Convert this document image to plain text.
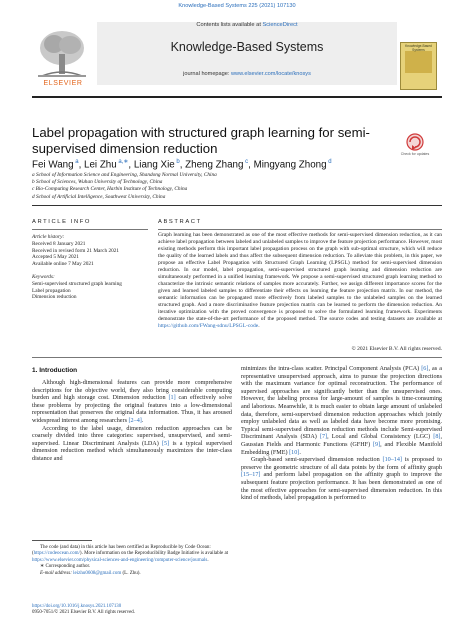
Knowledge-Based Systems 225 (2021) 107130
Contents lists available at ScienceDirect
Knowledge-Based Systems
journal homepage: www.elsevier.com/locate/knosys
ELSEVIER
Knowledge-Based Systems
Label propagation with structured graph learning for semi-supervised dimension reduction	Check for updates
Fei Wang $^a$, Lei Zhu $^{a,∗}$, Liang Xie $^b$, Zheng Zhang $^c$, Mingyang Zhong $^d$
a School of Information Science and Engineering, Shandong Normal University, China
b School of Sciences, Wuhan University of Technology, China
c Bio-Computing Research Center, Harbin Institute of Technology, China
d School of Artificial Intelligence, Southwest University, China
ARTICLE INFO
Article history:
Received 8 January 2021
Received in revised form 21 March 2021
Accepted 5 May 2021
Available online 7 May 2021
Keywords:
Semi-supervised structured graph learning
Label propagation
Dimension reduction
ABSTRACT
Graph learning has been demonstrated as one of the most effective methods for semi-supervised dimension reduction, as it can achieve label propagation between labeled and unlabeled samples to improve the feature projection performance. However, most existing methods perform this important label propagation process on the graph with sub-optimal structure, which will reduce the quality of the learned labels and thus affect the subsequent dimension reduction. To alleviate this problem, in this paper, we propose an effective Label Propagation with Structured Graph Learning (LPSGL) method for semi-supervised dimension reduction. In our model, label propagation, semi-supervised structured graph learning and dimension reduction are simultaneously performed in a unified learning framework. We propose a semi-supervised structured graph learning method to characterize the intrinsic semantic relations of samples more accurately. Further, we assign different importance scores for the given and learned labeled samples to differentiate their effects on learning the feature projection matrix. In our method, the semantic information can be propagated more effectively from labeled samples to the unlabeled samples on the learned structured graph. And a more discriminative feature projection matrix can be learned to perform the dimension reduction. An iterative optimization with the proved convergence is proposed to solve the formulated learning framework. Experiments demonstrate the state-of-the-art performance of the proposed method. The source codes and testing datasets are available at https://github.com/FWang-sdnu/LPSGL-code.
© 2021 Elsevier B.V. All rights reserved.
1. Introduction
Although high-dimensional features can provide more comprehensive descriptions for the objective world, they also bring considerable computing burden and high storage cost. Dimension reduction [1] can effectively solve these problems by projecting the original features into a low-dimensional representation that preserves the original data information. Thus, it has aroused widespread interest among researchers [2–4].
According to the label usage, dimension reduction approaches can be coarsely divided into three categories: supervised, unsupervised, and semi-supervised. Linear Discriminant Analysis (LDA) [5] is a typical supervised dimension reduction method which simultaneously maximizes the inter-class distance and
minimizes the intra-class scatter. Principal Component Analysis (PCA) [6], as a representative unsupervised approach, aims to pursue the projection directions with the maximum variance for optimal reconstruction. The performance of supervised approaches are significantly better than the unsupervised ones. However, the labeling process for large-amount of samples is time-consuming and laborious. Meanwhile, it is much easier to obtain large amount of unlabeled data, therefore, semi-supervised dimension reduction approaches which jointly employ unlabeled data as well as labeled data have become more promising. Typical semi-supervised dimension reduction methods include Semi-supervised Discriminant Analysis (SDA) [7], Local and Global Consistency (LGC) [8], Gaussian Fields and Harmonic Functions (GFHF) [9], and Flexible Manifold Embedding (FME) [10].
Graph-based semi-supervised dimension reduction [10–14] is proposed to preserve the geometric structure of all data points by the form of affinity graph [15–17] and perform label propagation on the affinity graph to improve the subsequent feature projection performance. It has been demonstrated as one of the most effective approaches for semi-supervised dimension reduction. In this kind of methods, label propagation is performed to
The code (and data) in this article has been certified as Reproducible by Code Ocean: (https://codeocean.com/). More information on the Reproducibility Badge Initiative is available at https://www.elsevier.com/physical-sciences-and-engineering/computer-science/journals.
∗ Corresponding author.
E-mail address: leizhu0608@gmail.com (L. Zhu).
https://doi.org/10.1016/j.knosys.2021.107130
0950-7051/© 2021 Elsevier B.V. All rights reserved.
